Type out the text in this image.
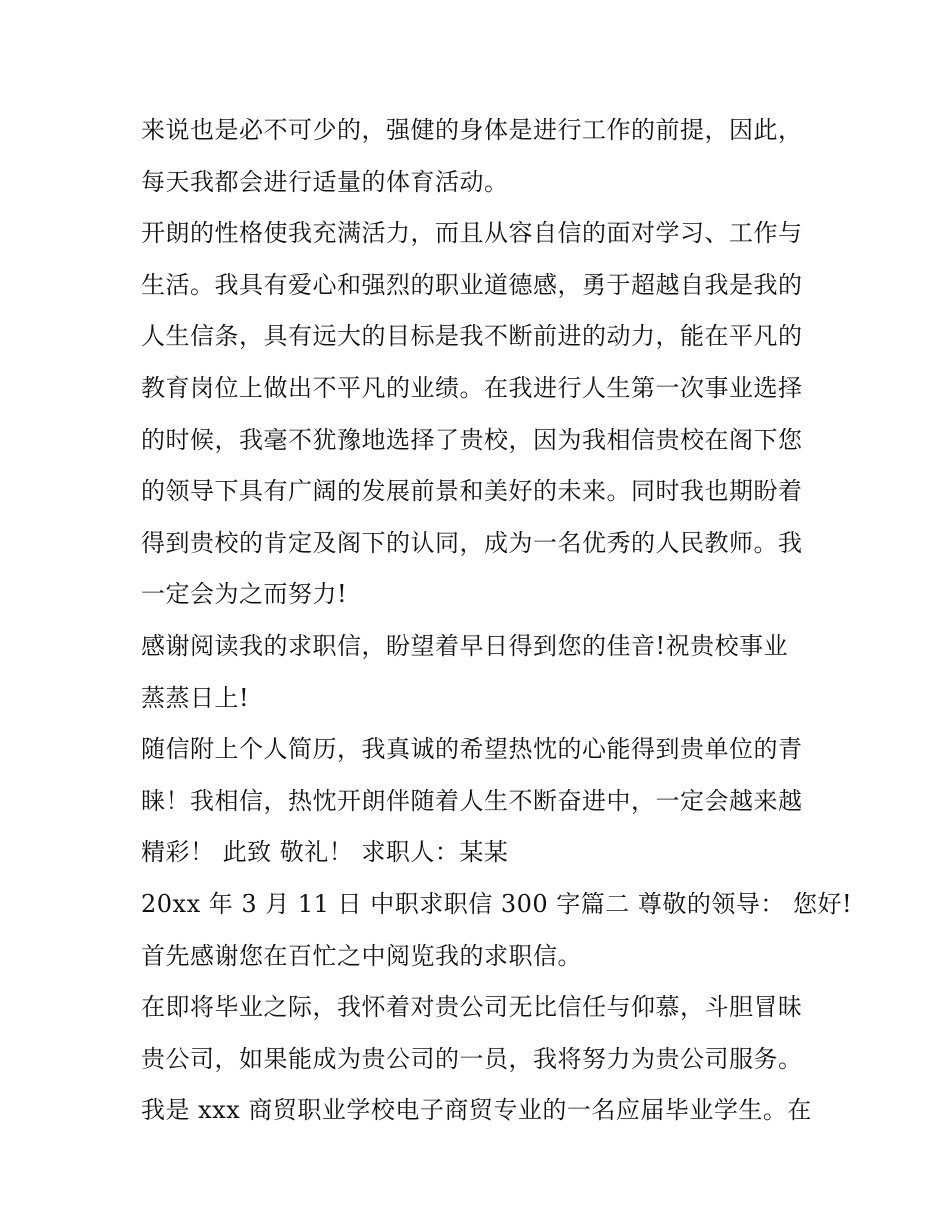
来说也是必不可少的，强健的身体是进行工作的前提，因此，
每天我都会进行适量的体育活动。
开朗的性格使我充满活力，而且从容自信的面对学习、工作与
生活。我具有爱心和强烈的职业道德感，勇于超越自我是我的
人生信条，具有远大的目标是我不断前进的动力，能在平凡的
教育岗位上做出不平凡的业绩。在我进行人生第一次事业选择
的时候，我毫不犹豫地选择了贵校，因为我相信贵校在阁下您
的领导下具有广阔的发展前景和美好的未来。同时我也期盼着
得到贵校的肯定及阁下的认同，成为一名优秀的人民教师。我
一定会为之而努力!
感谢阅读我的求职信，盼望着早日得到您的佳音!祝贵校事业
蒸蒸日上!
随信附上个人简历，我真诚的希望热忱的心能得到贵单位的青
睐！我相信，热忱开朗伴随着人生不断奋进中，一定会越来越
精彩！ 此致 敬礼！ 求职人：某某
20xx 年 3 月 11 日 中职求职信 300 字篇二 尊敬的领导： 您好!
首先感谢您在百忙之中阅览我的求职信。
在即将毕业之际，我怀着对贵公司无比信任与仰慕，斗胆冒昧
贵公司，如果能成为贵公司的一员，我将努力为贵公司服务。
我是 xxx 商贸职业学校电子商贸专业的一名应届毕业学生。在
